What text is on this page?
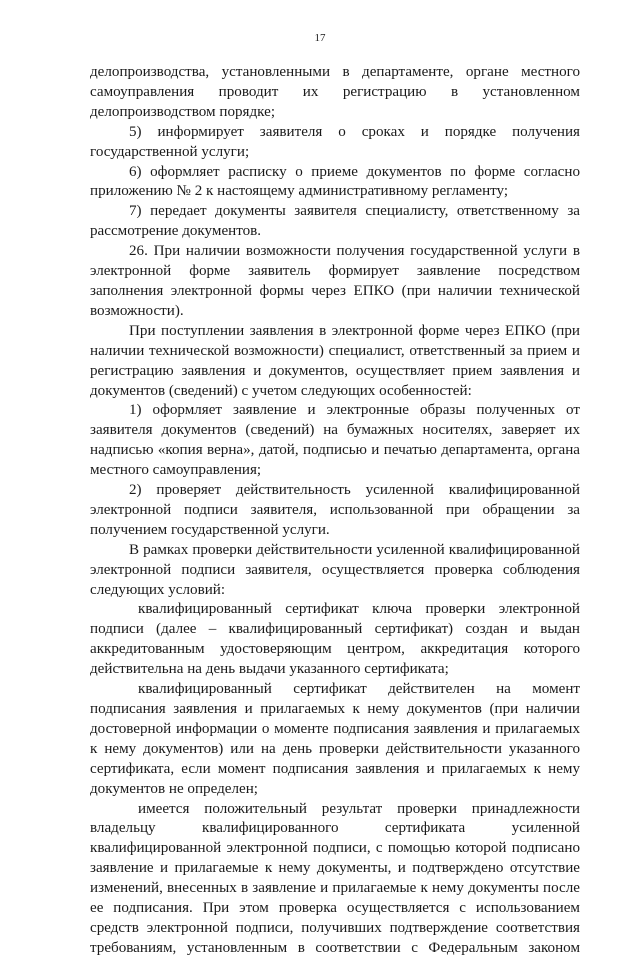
17

делопроизводства, установленными в департаменте, органе местного самоуправления проводит их регистрацию в установленном делопроизводством порядке;

5) информирует заявителя о сроках и порядке получения государственной услуги;

6) оформляет расписку о приеме документов по форме согласно приложению № 2 к настоящему административному регламенту;

7) передает документы заявителя специалисту, ответственному за рассмотрение документов.

26. При наличии возможности получения государственной услуги в электронной форме заявитель формирует заявление посредством заполнения электронной формы через ЕПКО (при наличии технической возможности).

При поступлении заявления в электронной форме через ЕПКО (при наличии технической возможности) специалист, ответственный за прием и регистрацию заявления и документов, осуществляет прием заявления и документов (сведений) с учетом следующих особенностей:

1) оформляет заявление и электронные образы полученных от заявителя документов (сведений) на бумажных носителях, заверяет их надписью «копия верна», датой, подписью и печатью департамента, органа местного самоуправления;

2) проверяет действительность усиленной квалифицированной электронной подписи заявителя, использованной при обращении за получением государственной услуги.

В рамках проверки действительности усиленной квалифицированной электронной подписи заявителя, осуществляется проверка соблюдения следующих условий:

квалифицированный сертификат ключа проверки электронной подписи (далее – квалифицированный сертификат) создан и выдан аккредитованным удостоверяющим центром, аккредитация которого действительна на день выдачи указанного сертификата;

квалифицированный сертификат действителен на момент подписания заявления и прилагаемых к нему документов (при наличии достоверной информации о моменте подписания заявления и прилагаемых к нему документов) или на день проверки действительности указанного сертификата, если момент подписания заявления и прилагаемых к нему документов не определен;

имеется положительный результат проверки принадлежности владельцу квалифицированного сертификата усиленной квалифицированной электронной подписи, с помощью которой подписано заявление и прилагаемые к нему документы, и подтверждено отсутствие изменений, внесенных в заявление и прилагаемые к нему документы после ее подписания. При этом проверка осуществляется с использованием средств электронной подписи, получивших подтверждение соответствия требованиям, установленным в соответствии с Федеральным законом
